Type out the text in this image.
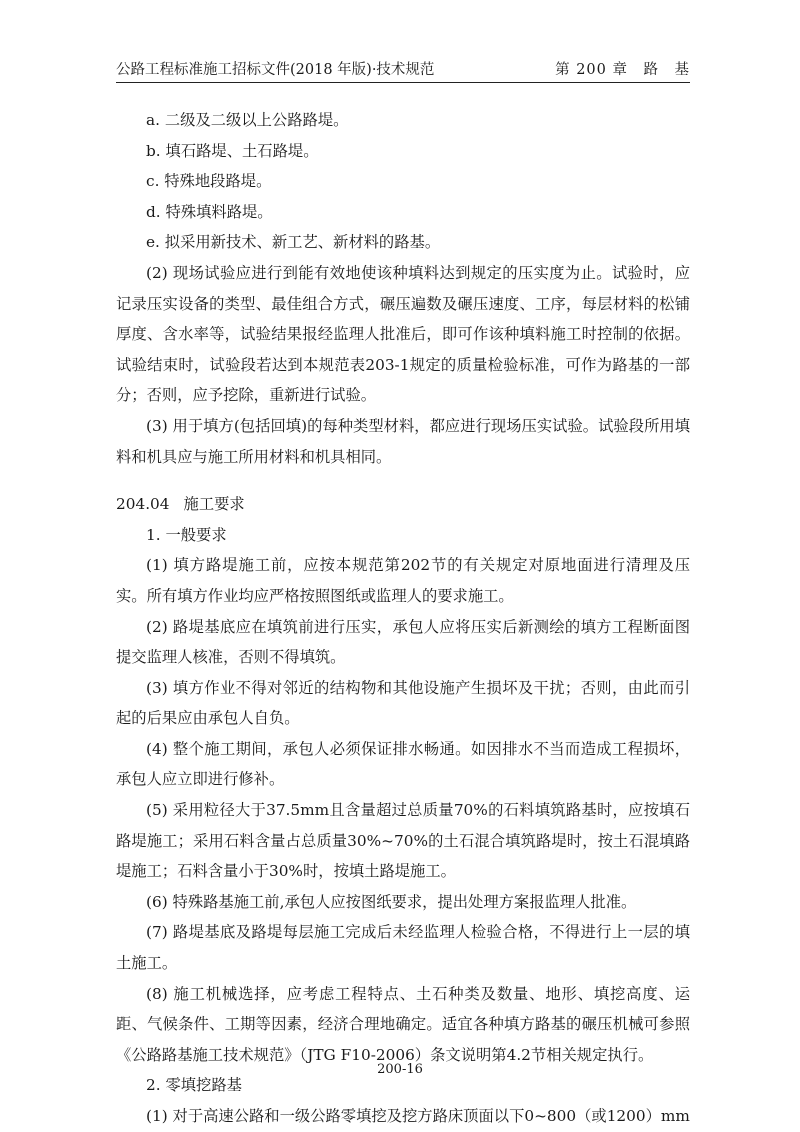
公路工程标准施工招标文件(2018 年版)·技术规范	第 200 章　路　基

a. 二级及二级以上公路路堤。

b. 填石路堤、土石路堤。

c. 特殊地段路堤。

d. 特殊填料路堤。

e. 拟采用新技术、新工艺、新材料的路基。

(2) 现场试验应进行到能有效地使该种填料达到规定的压实度为止。试验时，应记录压实设备的类型、最佳组合方式，碾压遍数及碾压速度、工序，每层材料的松铺厚度、含水率等，试验结果报经监理人批准后，即可作该种填料施工时控制的依据。试验结束时，试验段若达到本规范表203-1规定的质量检验标准，可作为路基的一部分；否则，应予挖除，重新进行试验。

(3) 用于填方(包括回填)的每种类型材料，都应进行现场压实试验。试验段所用填料和机具应与施工所用材料和机具相同。

204.04 施工要求

1. 一般要求

(1) 填方路堤施工前，应按本规范第202节的有关规定对原地面进行清理及压实。所有填方作业均应严格按照图纸或监理人的要求施工。

(2) 路堤基底应在填筑前进行压实，承包人应将压实后新测绘的填方工程断面图提交监理人核准，否则不得填筑。

(3) 填方作业不得对邻近的结构物和其他设施产生损坏及干扰；否则，由此而引起的后果应由承包人自负。

(4) 整个施工期间，承包人必须保证排水畅通。如因排水不当而造成工程损坏，承包人应立即进行修补。

(5) 采用粒径大于37.5mm且含量超过总质量70%的石料填筑路基时，应按填石路堤施工；采用石料含量占总质量30%~70%的土石混合填筑路堤时，按土石混填路堤施工；石料含量小于30%时，按填土路堤施工。

(6) 特殊路基施工前,承包人应按图纸要求，提出处理方案报监理人批准。

(7) 路堤基底及路堤每层施工完成后未经监理人检验合格，不得进行上一层的填土施工。

(8) 施工机械选择，应考虑工程特点、土石种类及数量、地形、填挖高度、运距、气候条件、工期等因素，经济合理地确定。适宜各种填方路基的碾压机械可参照《公路路基施工技术规范》（JTG F10-2006）条文说明第4.2节相关规定执行。

2. 零填挖路基

(1) 对于高速公路和一级公路零填挖及挖方路床顶面以下0~800（或1200）mm

200-16
